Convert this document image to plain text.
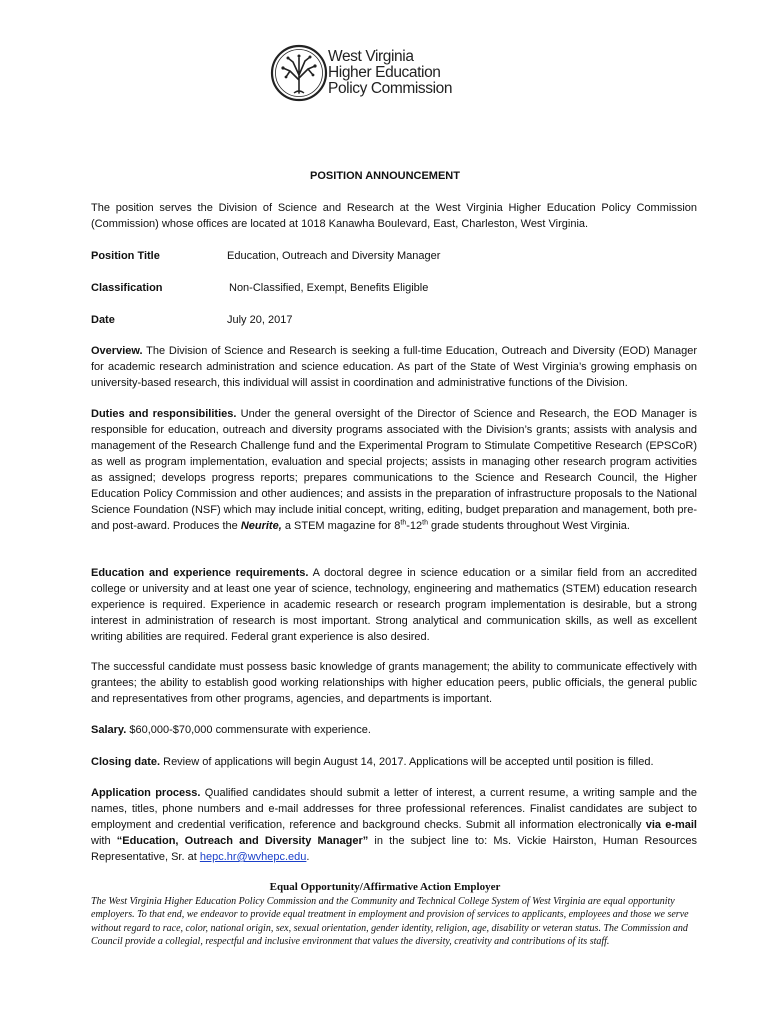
West Virginia
Higher Education
Policy Commission
POSITION ANNOUNCEMENT

The position serves the Division of Science and Research at the West Virginia Higher Education Policy Commission (Commission) whose offices are located at 1018 Kanawha Boulevard, East, Charleston, West Virginia.

Position Title	Education, Outreach and Diversity Manager
Classification	Non-Classified, Exempt, Benefits Eligible
Date	July 20, 2017

Overview. The Division of Science and Research is seeking a full-time Education, Outreach and Diversity (EOD) Manager for academic research administration and science education. As part of the State of West Virginia’s growing emphasis on university-based research, this individual will assist in coordination and administrative functions of the Division.

Duties and responsibilities. Under the general oversight of the Director of Science and Research, the EOD Manager is responsible for education, outreach and diversity programs associated with the Division’s grants; assists with analysis and management of the Research Challenge fund and the Experimental Program to Stimulate Competitive Research (EPSCoR) as well as program implementation, evaluation and special projects; assists in managing other research program activities as assigned; develops progress reports; prepares communications to the Science and Research Council, the Higher Education Policy Commission and other audiences; and assists in the preparation of infrastructure proposals to the National Science Foundation (NSF) which may include initial concept, writing, editing, budget preparation and management, both pre- and post-award. Produces the Neurite, a STEM magazine for 8th-12th grade students throughout West Virginia.

Education and experience requirements. A doctoral degree in science education or a similar field from an accredited college or university and at least one year of science, technology, engineering and mathematics (STEM) education research experience is required. Experience in academic research or research program implementation is desirable, but a strong interest in administration of research is most important. Strong analytical and communication skills, as well as excellent writing abilities are required. Federal grant experience is also desired.

The successful candidate must possess basic knowledge of grants management; the ability to communicate effectively with grantees; the ability to establish good working relationships with higher education peers, public officials, the general public and representatives from other programs, agencies, and departments is important.

Salary. $60,000-$70,000 commensurate with experience.

Closing date. Review of applications will begin August 14, 2017. Applications will be accepted until position is filled.

Application process. Qualified candidates should submit a letter of interest, a current resume, a writing sample and the names, titles, phone numbers and e-mail addresses for three professional references. Finalist candidates are subject to employment and credential verification, reference and background checks. Submit all information electronically via e-mail with “Education, Outreach and Diversity Manager” in the subject line to: Ms. Vickie Hairston, Human Resources Representative, Sr. at hepc.hr@wvhepc.edu.

Equal Opportunity/Affirmative Action Employer

The West Virginia Higher Education Policy Commission and the Community and Technical College System of West Virginia are equal opportunity employers. To that end, we endeavor to provide equal treatment in employment and provision of services to applicants, employees and those we serve without regard to race, color, national origin, sex, sexual orientation, gender identity, religion, age, disability or veteran status. The Commission and Council provide a collegial, respectful and inclusive environment that values the diversity, creativity and contributions of its staff.
